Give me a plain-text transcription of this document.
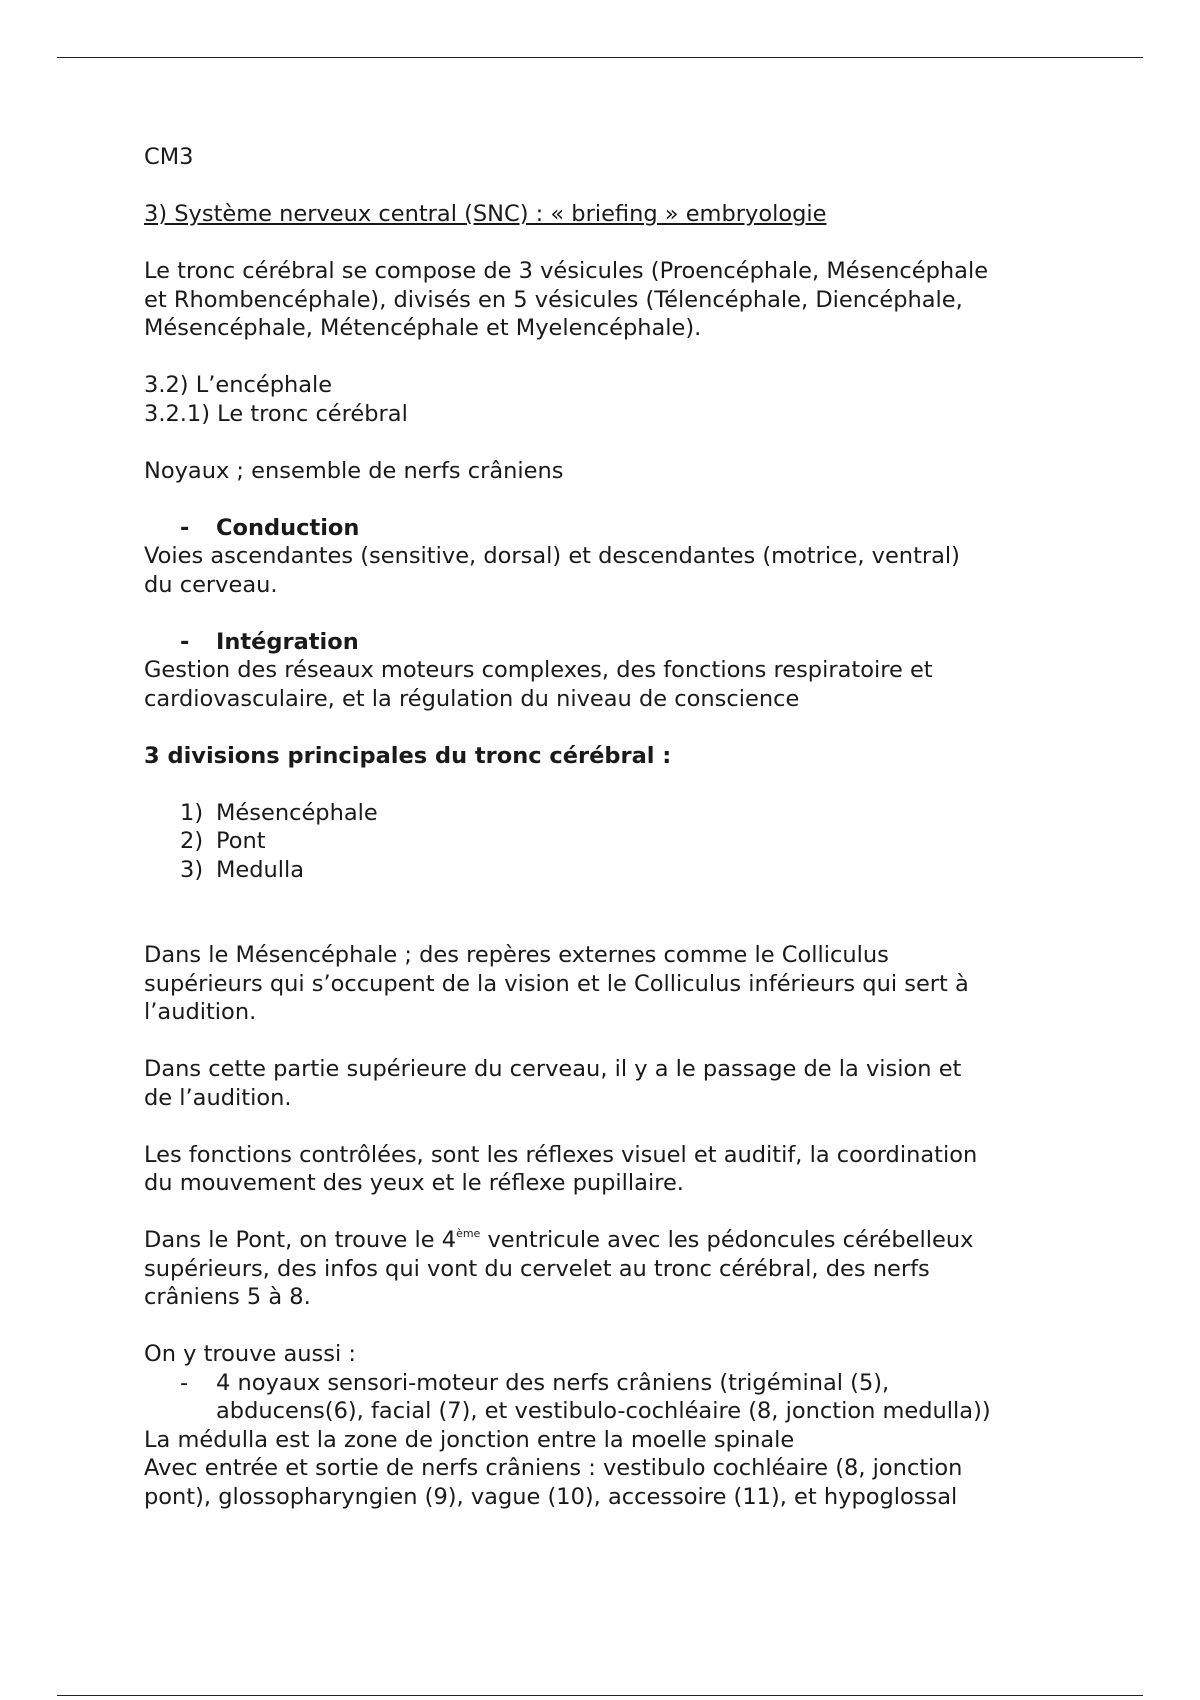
CM3

3) Système nerveux central (SNC) : « briefing » embryologie

Le tronc cérébral se compose de 3 vésicules (Proencéphale, Mésencéphale

et Rhombencéphale), divisés en 5 vésicules (Télencéphale, Diencéphale,

Mésencéphale, Métencéphale et Myelencéphale).

3.2) L’encéphale

3.2.1) Le tronc cérébral

Noyaux ; ensemble de nerfs crâniens

-	Conduction

Voies ascendantes (sensitive, dorsal) et descendantes (motrice, ventral)

du cerveau.

-	Intégration

Gestion des réseaux moteurs complexes, des fonctions respiratoire et

cardiovasculaire, et la régulation du niveau de conscience

3 divisions principales du tronc cérébral :

1) Mésencéphale
2) Pont
3) Medulla

Dans le Mésencéphale ; des repères externes comme le Colliculus

supérieurs qui s’occupent de la vision et le Colliculus inférieurs qui sert à

l’audition.

Dans cette partie supérieure du cerveau, il y a le passage de la vision et

de l’audition.

Les fonctions contrôlées, sont les réflexes visuel et auditif, la coordination

du mouvement des yeux et le réflexe pupillaire.

Dans le Pont, on trouve le 4ème ventricule avec les pédoncules cérébelleux

supérieurs, des infos qui vont du cervelet au tronc cérébral, des nerfs

crâniens 5 à 8.

On y trouve aussi :

-	4 noyaux sensori-moteur des nerfs crâniens (trigéminal (5),

abducens(6), facial (7), et vestibulo-cochléaire (8, jonction medulla))

La médulla est la zone de jonction entre la moelle spinale

Avec entrée et sortie de nerfs crâniens : vestibulo cochléaire (8, jonction

pont), glossopharyngien (9), vague (10), accessoire (11), et hypoglossal
